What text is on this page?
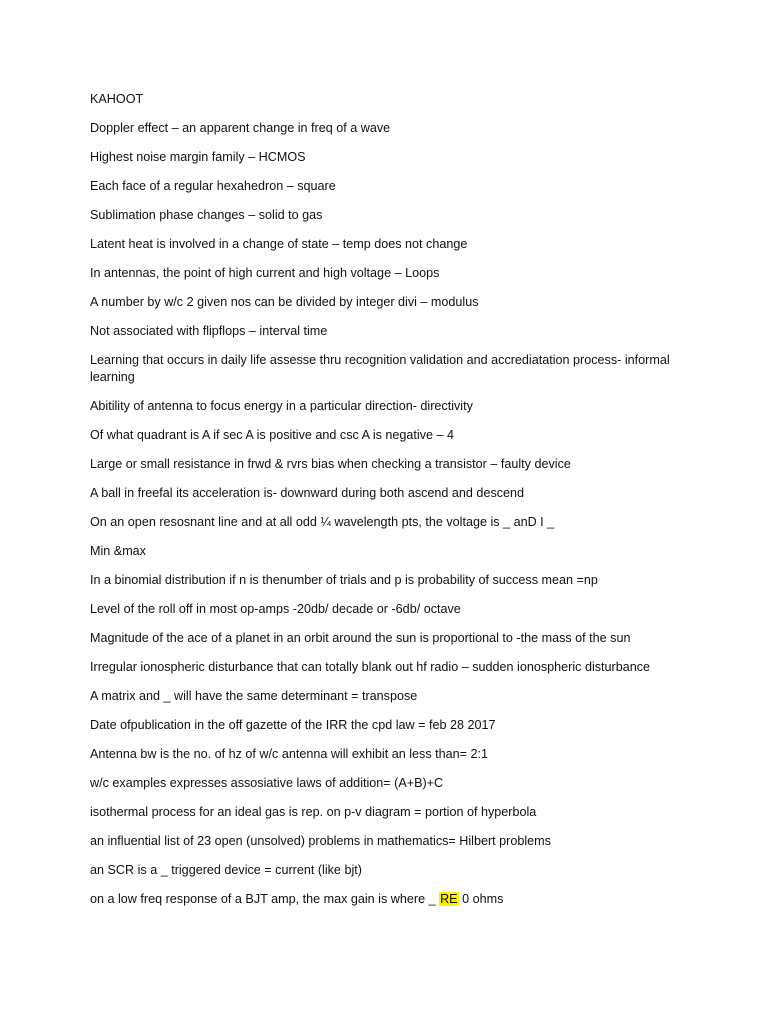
KAHOOT
Doppler effect – an apparent change in freq of a wave
Highest noise margin family – HCMOS
Each face of a regular hexahedron – square
Sublimation phase changes – solid to gas
Latent heat is involved in a change of state – temp does not change
In antennas, the point of high current and high voltage – Loops
A number by w/c 2 given nos can be divided by integer divi – modulus
Not associated with flipflops – interval time
Learning that occurs in daily life assesse thru recognition validation and accrediatation process- informal learning
Abitility of antenna to focus energy in a particular direction- directivity
Of what quadrant is A if sec A is positive and csc A is negative – 4
Large or small resistance in frwd & rvrs bias when checking a transistor – faulty device
A ball in freefal its acceleration is- downward during both ascend and descend
On an open resosnant line and at all odd ¼ wavelength pts, the voltage is _ anD I _
Min &max
In a binomial distribution if n is thenumber of trials and p is probability of success mean =np
Level of the roll off in most op-amps -20db/ decade or -6db/ octave
Magnitude of the ace of a planet in an orbit around the sun is proportional to -the mass of the sun
Irregular ionospheric disturbance that can totally blank out hf radio – sudden ionospheric disturbance
A matrix and _ will have the same determinant = transpose
Date ofpublication in the off gazette of the IRR the cpd law = feb 28 2017
Antenna bw is the no. of hz of w/c antenna will exhibit an less than= 2:1
w/c examples expresses assosiative laws of addition= (A+B)+C
isothermal process for an ideal gas is rep. on p-v diagram = portion of hyperbola
an influential list of 23 open (unsolved) problems in mathematics= Hilbert problems
an SCR is a _ triggered device = current (like bjt)
on a low freq response of a BJT amp, the max gain is where _ RE 0 ohms
